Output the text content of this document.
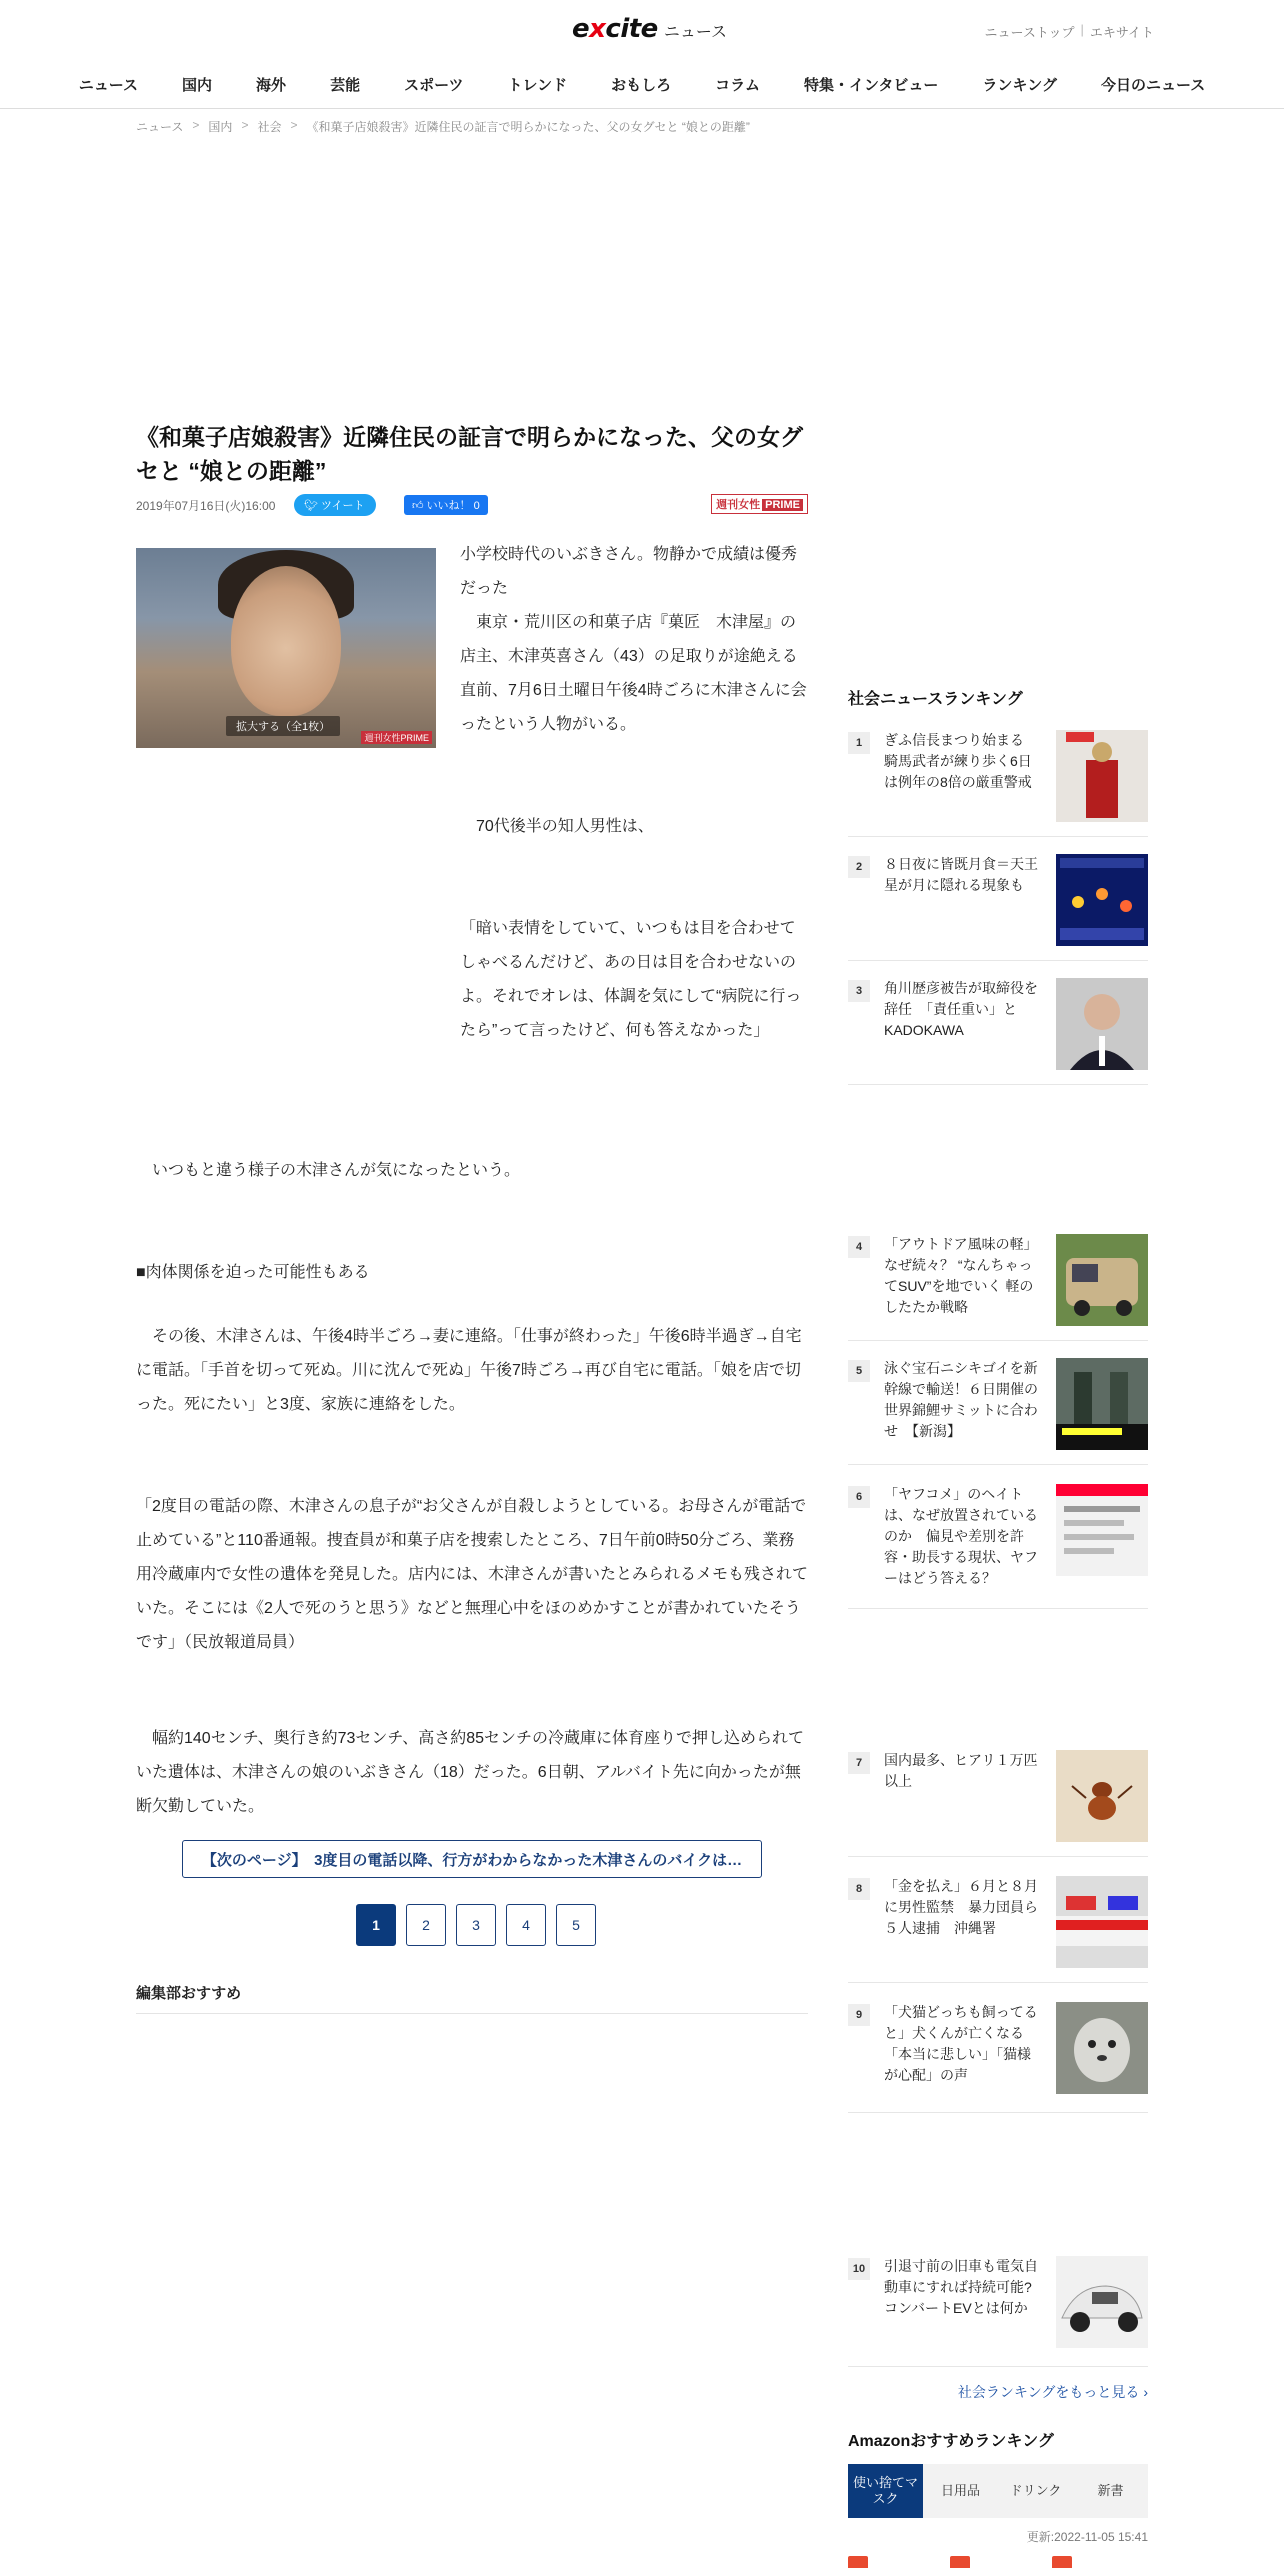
excite ニュース	ニューストップ | エキサイト
ニュース	国内	海外	芸能	スポーツ	トレンド	おもしろ	コラム	特集・インタビュー	ランキング	今日のニュース
ニュース > 国内 > 社会 > 《和菓子店娘殺害》近隣住民の証言で明らかになった、父の女グセと “娘との距離”
《和菓子店娘殺害》近隣住民の証言で明らかになった、父の女グセと “娘との距離”
2019年07月16日(火)16:00	🐦︎ ツイート	👍︎ いいね！ 0	週刊女性 PRIME
拡大する（全1枚）
週刊女性PRIME

小学校時代のいぶきさん。物静かで成績は優秀だった

　東京・荒川区の和菓子店『菓匠　木津屋』の店主、木津英喜さん（43）の足取りが途絶える直前、7月6日土曜日午後4時ごろに木津さんに会ったという人物がいる。

　70代後半の知人男性は、

「暗い表情をしていて、いつもは目を合わせてしゃべるんだけど、あの日は目を合わせないのよ。それでオレは、体調を気にして“病院に行ったら”って言ったけど、何も答えなかった」

　いつもと違う様子の木津さんが気になったという。

■肉体関係を迫った可能性もある

　その後、木津さんは、午後4時半ごろ→妻に連絡。「仕事が終わった」午後6時半過ぎ→自宅に電話。「手首を切って死ぬ。川に沈んで死ぬ」午後7時ごろ→再び自宅に電話。「娘を店で切った。死にたい」と3度、家族に連絡をした。

「2度目の電話の際、木津さんの息子が“お父さんが自殺しようとしている。お母さんが電話で止めている”と110番通報。捜査員が和菓子店を捜索したところ、7日午前0時50分ごろ、業務用冷蔵庫内で女性の遺体を発見した。店内には、木津さんが書いたとみられるメモも残されていた。そこには《2人で死のうと思う》などと無理心中をほのめかすことが書かれていたそうです」（民放報道局員）

　幅約140センチ、奥行き約73センチ、高さ約85センチの冷蔵庫に体育座りで押し込められていた遺体は、木津さんの娘のいぶきさん（18）だった。6日朝、アルバイト先に向かったが無断欠勤していた。

【次のページ】　3度目の電話以降、行方がわからなかった木津さんのバイクは…
1	2	3	4	5
編集部おすすめ
社会ニュースランキング
1	ぎふ信長まつり始まる　騎馬武者が練り歩く6日は例年の8倍の厳重警戒
2	８日夜に皆既月食＝天王星が月に隠れる現象も
3	角川歴彦被告が取締役を辞任　「責任重い」とKADOKAWA
4	「アウトドア風味の軽」なぜ続々？ “なんちゃってSUV”を地でいく 軽のしたたか戦略
5	泳ぐ宝石ニシキゴイを新幹線で輸送！６日開催の世界錦鯉サミットに合わせ　【新潟】
6	「ヤフコメ」のヘイトは、なぜ放置されているのか　偏見や差別を許容・助長する現状、ヤフーはどう答える？
7	国内最多、ヒアリ１万匹以上
8	「金を払え」６月と８月に男性監禁　暴力団員ら５人逮捕　沖縄署
9	「犬猫どっちも飼ってると」犬くんが亡くなる「本当に悲しい」「猫様が心配」の声
10	引退寸前の旧車も電気自動車にすれば持続可能? コンバートEVとは何か
社会ランキングをもっと見る ›
Amazonおすすめランキング
使い捨てマスク
日用品	ドリンク	新書
更新:2022-11-05 15:41
